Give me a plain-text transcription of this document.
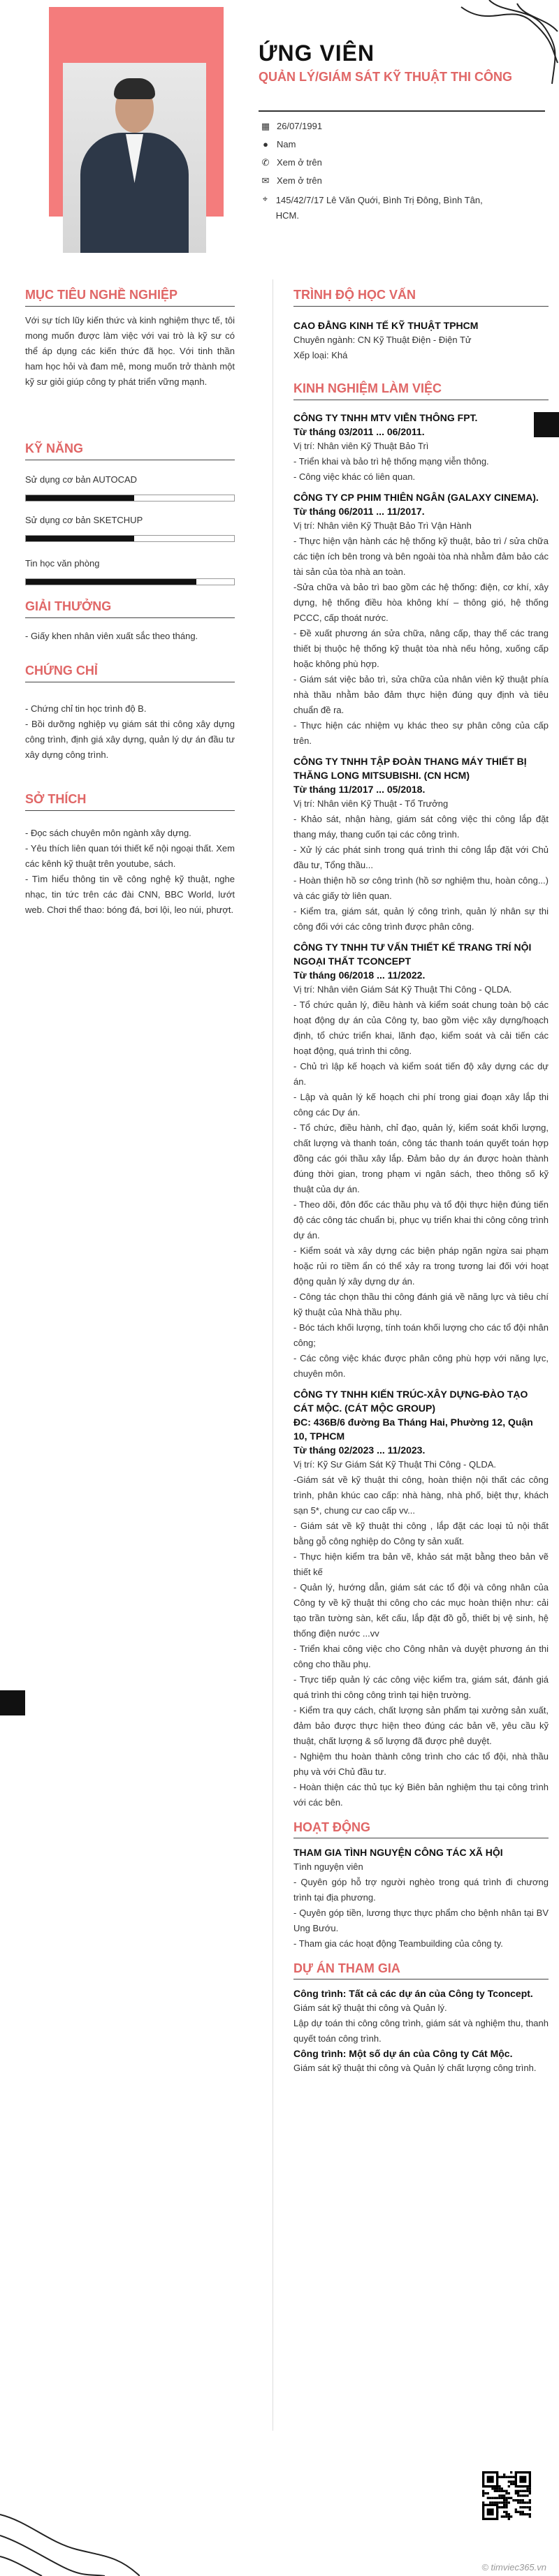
ỨNG VIÊN
QUẢN LÝ/GIÁM SÁT KỸ THUẬT THI CÔNG
▦ 26/07/1991
● Nam
✆ Xem ở trên
✉ Xem ở trên
⌖ 145/42/7/17 Lê Văn Quới, Bình Trị Đông, Bình Tân, HCM.
MỤC TIÊU NGHỀ NGHIỆP
Với sự tích lũy kiến thức và kinh nghiệm thực tế, tôi mong muốn được làm việc với vai trò là kỹ sư có thể áp dụng các kiến thức đã học. Với tinh thần ham học hỏi và đam mê, mong muốn trở thành một kỹ sư giỏi giúp công ty phát triển vững mạnh.
KỸ NĂNG
Sử dụng cơ bản AUTOCAD
Sử dụng cơ bản SKETCHUP
Tin học văn phòng
GIẢI THƯỞNG
- Giấy khen nhân viên xuất sắc theo tháng.
CHỨNG CHỈ
- Chứng chỉ tin học trình độ B.
- Bồi dưỡng nghiệp vụ giám sát thi công xây dựng công trình, định giá xây dựng, quản lý dự án đầu tư xây dựng công trình.
SỞ THÍCH
- Đọc sách chuyên môn ngành xây dựng.
- Yêu thích liên quan tới thiết kế nội ngoại thất. Xem các kênh kỹ thuật trên youtube, sách.
- Tìm hiểu thông tin về công nghệ kỹ thuật, nghe nhạc, tin tức trên các đài CNN, BBC World, lướt web. Chơi thể thao: bóng đá, bơi lội, leo núi, phượt.
TRÌNH ĐỘ HỌC VẤN
CAO ĐẲNG KINH TẾ KỸ THUẬT TPHCM
Chuyên ngành: CN Kỹ Thuật Điện - Điện Tử
Xếp loại: Khá
KINH NGHIỆM LÀM VIỆC
CÔNG TY TNHH MTV VIỄN THÔNG FPT.
Từ tháng 03/2011 ... 06/2011.
Vị trí: Nhân viên Kỹ Thuật Bảo Trì
- Triển khai và bảo trì hệ thống mạng viễn thông.
- Công việc khác có liên quan.
CÔNG TY CP PHIM THIÊN NGÂN (GALAXY CINEMA).
Từ tháng 06/2011 ... 11/2017.
Vị trí: Nhân viên Kỹ Thuật Bảo Trì Vận Hành
- Thực hiện vận hành các hệ thống kỹ thuật, bảo trì / sửa chữa các tiện ích bên trong và bên ngoài tòa nhà nhằm đảm bảo các tài sản của tòa nhà an toàn.
-Sửa chữa và bảo trì bao gồm các hệ thống: điện, cơ khí, xây dựng, hệ thống điều hòa không khí – thông gió, hệ thống PCCC, cấp thoát nước.
- Đề xuất phương án sửa chữa, nâng cấp, thay thế các trang thiết bị thuộc hệ thống kỹ thuật tòa nhà nếu hỏng, xuống cấp hoặc không phù hợp.
- Giám sát việc bảo trì, sửa chữa của nhân viên kỹ thuật phía nhà thầu nhằm bảo đảm thực hiện đúng quy định và tiêu chuẩn đề ra.
- Thực hiện các nhiệm vụ khác theo sự phân công của cấp trên.
CÔNG TY TNHH TẬP ĐOÀN THANG MÁY THIẾT BỊ THĂNG LONG MITSUBISHI. (CN HCM)
Từ tháng 11/2017 ... 05/2018.
Vị trí: Nhân viên Kỹ Thuật - Tổ Trưởng
- Khảo sát, nhận hàng, giám sát công việc thi công lắp đặt thang máy, thang cuốn tại các công trình.
- Xử lý các phát sinh trong quá trình thi công lắp đặt với Chủ đầu tư, Tổng thầu...
- Hoàn thiện hồ sơ công trình (hồ sơ nghiệm thu, hoàn công...) và các giấy tờ liên quan.
- Kiểm tra, giám sát, quản lý công trình, quản lý nhân sự thi công đối với các công trình được phân công.
CÔNG TY TNHH TƯ VẤN THIẾT KẾ TRANG TRÍ NỘI NGOẠI THẤT TCONCEPT
Từ tháng 06/2018 ... 11/2022.
Vị trí: Nhân viên Giám Sát Kỹ Thuật Thi Công - QLDA.
- Tổ chức quản lý, điều hành và kiểm soát chung toàn bộ các hoạt động dự án của Công ty, bao gồm việc xây dựng/hoạch định, tổ chức triển khai, lãnh đạo, kiểm soát và cải tiến các hoạt động, quá trình thi công.
- Chủ trì lập kế hoạch và kiểm soát tiến độ xây dựng các dự án.
- Lập và quản lý kế hoạch chi phí trong giai đoạn xây lắp thi công các Dự án.
- Tổ chức, điều hành, chỉ đạo, quản lý, kiểm soát khối lượng, chất lượng và thanh toán, công tác thanh toán quyết toán hợp đồng các gói thầu xây lắp. Đảm bảo dự án được hoàn thành đúng thời gian, trong phạm vi ngân sách, theo thông số kỹ thuật của dự án.
- Theo dõi, đôn đốc các thầu phụ và tổ đội thực hiện đúng tiến độ các công tác chuẩn bị, phục vụ triển khai thi công công trình dự án.
- Kiểm soát và xây dựng các biện pháp ngăn ngừa sai phạm hoặc rủi ro tiềm ẩn có thể xảy ra trong tương lai đối với hoạt động quản lý xây dựng dự án.
- Công tác chọn thầu thi công đánh giá về năng lực và tiêu chí kỹ thuật của Nhà thầu phụ.
- Bóc tách khối lượng, tính toán khối lượng cho các tổ đội nhân công;
- Các công việc khác được phân công phù hợp với năng lực, chuyên môn.
CÔNG TY TNHH KIẾN TRÚC-XÂY DỰNG-ĐÀO TẠO CÁT MỘC. (CÁT MỘC GROUP)
ĐC: 436B/6 đường Ba Tháng Hai, Phường 12, Quận 10, TPHCM
Từ tháng 02/2023 ... 11/2023.
Vị trí: Kỹ Sư Giám Sát Kỹ Thuật Thi Công - QLDA.
-Giám sát về kỹ thuật thi công, hoàn thiện nội thất các công trình, phân khúc cao cấp: nhà hàng, nhà phố, biệt thự, khách sạn 5*, chung cư cao cấp vv...
- Giám sát về kỹ thuật thi công , lắp đặt các loại tủ nội thất bằng gỗ công nghiệp do Công ty sản xuất.
- Thực hiện kiểm tra bản vẽ, khảo sát mặt bằng theo bản vẽ thiết kế
- Quản lý, hướng dẫn, giám sát các tổ đội và công nhân của Công ty về kỹ thuật thi công cho các mục hoàn thiện như: cải tạo trần tường sàn, kết cấu, lắp đặt đồ gỗ, thiết bị vệ sinh, hệ thống điện nước ...vv
- Triển khai công việc cho Công nhân và duyệt phương án thi công cho thầu phụ.
- Trực tiếp quản lý các công việc kiểm tra, giám sát, đánh giá quá trình thi công công trình tại hiện trường.
- Kiểm tra quy cách, chất lượng sản phẩm tại xưởng sản xuất, đảm bảo được thực hiện theo đúng các bản vẽ, yêu cầu kỹ thuật, chất lượng & số lượng đã được phê duyệt.
- Nghiệm thu hoàn thành công trình cho các tổ đội, nhà thầu phụ và với Chủ đầu tư.
- Hoàn thiện các thủ tục ký Biên bản nghiệm thu tại công trình với các bên.
HOẠT ĐỘNG
THAM GIA TÌNH NGUYỆN CÔNG TÁC XÃ HỘI
Tình nguyện viên
- Quyên góp hỗ trợ người nghèo trong quá trình đi chương trình tại địa phương.
- Quyên góp tiền, lương thực thực phẩm cho bệnh nhân tại BV Ung Bướu.
- Tham gia các hoạt động Teambuilding của công ty.
DỰ ÁN THAM GIA
Công trình: Tất cả các dự án của Công ty Tconcept.
Giám sát kỹ thuật thi công và Quản lý.
Lập dự toán thi công công trình, giám sát và nghiệm thu, thanh quyết toán công trình.
Công trình: Một số dự án của Công ty Cát Mộc.
Giám sát kỹ thuật thi công và Quản lý chất lượng công trình.
© timviec365.vn
